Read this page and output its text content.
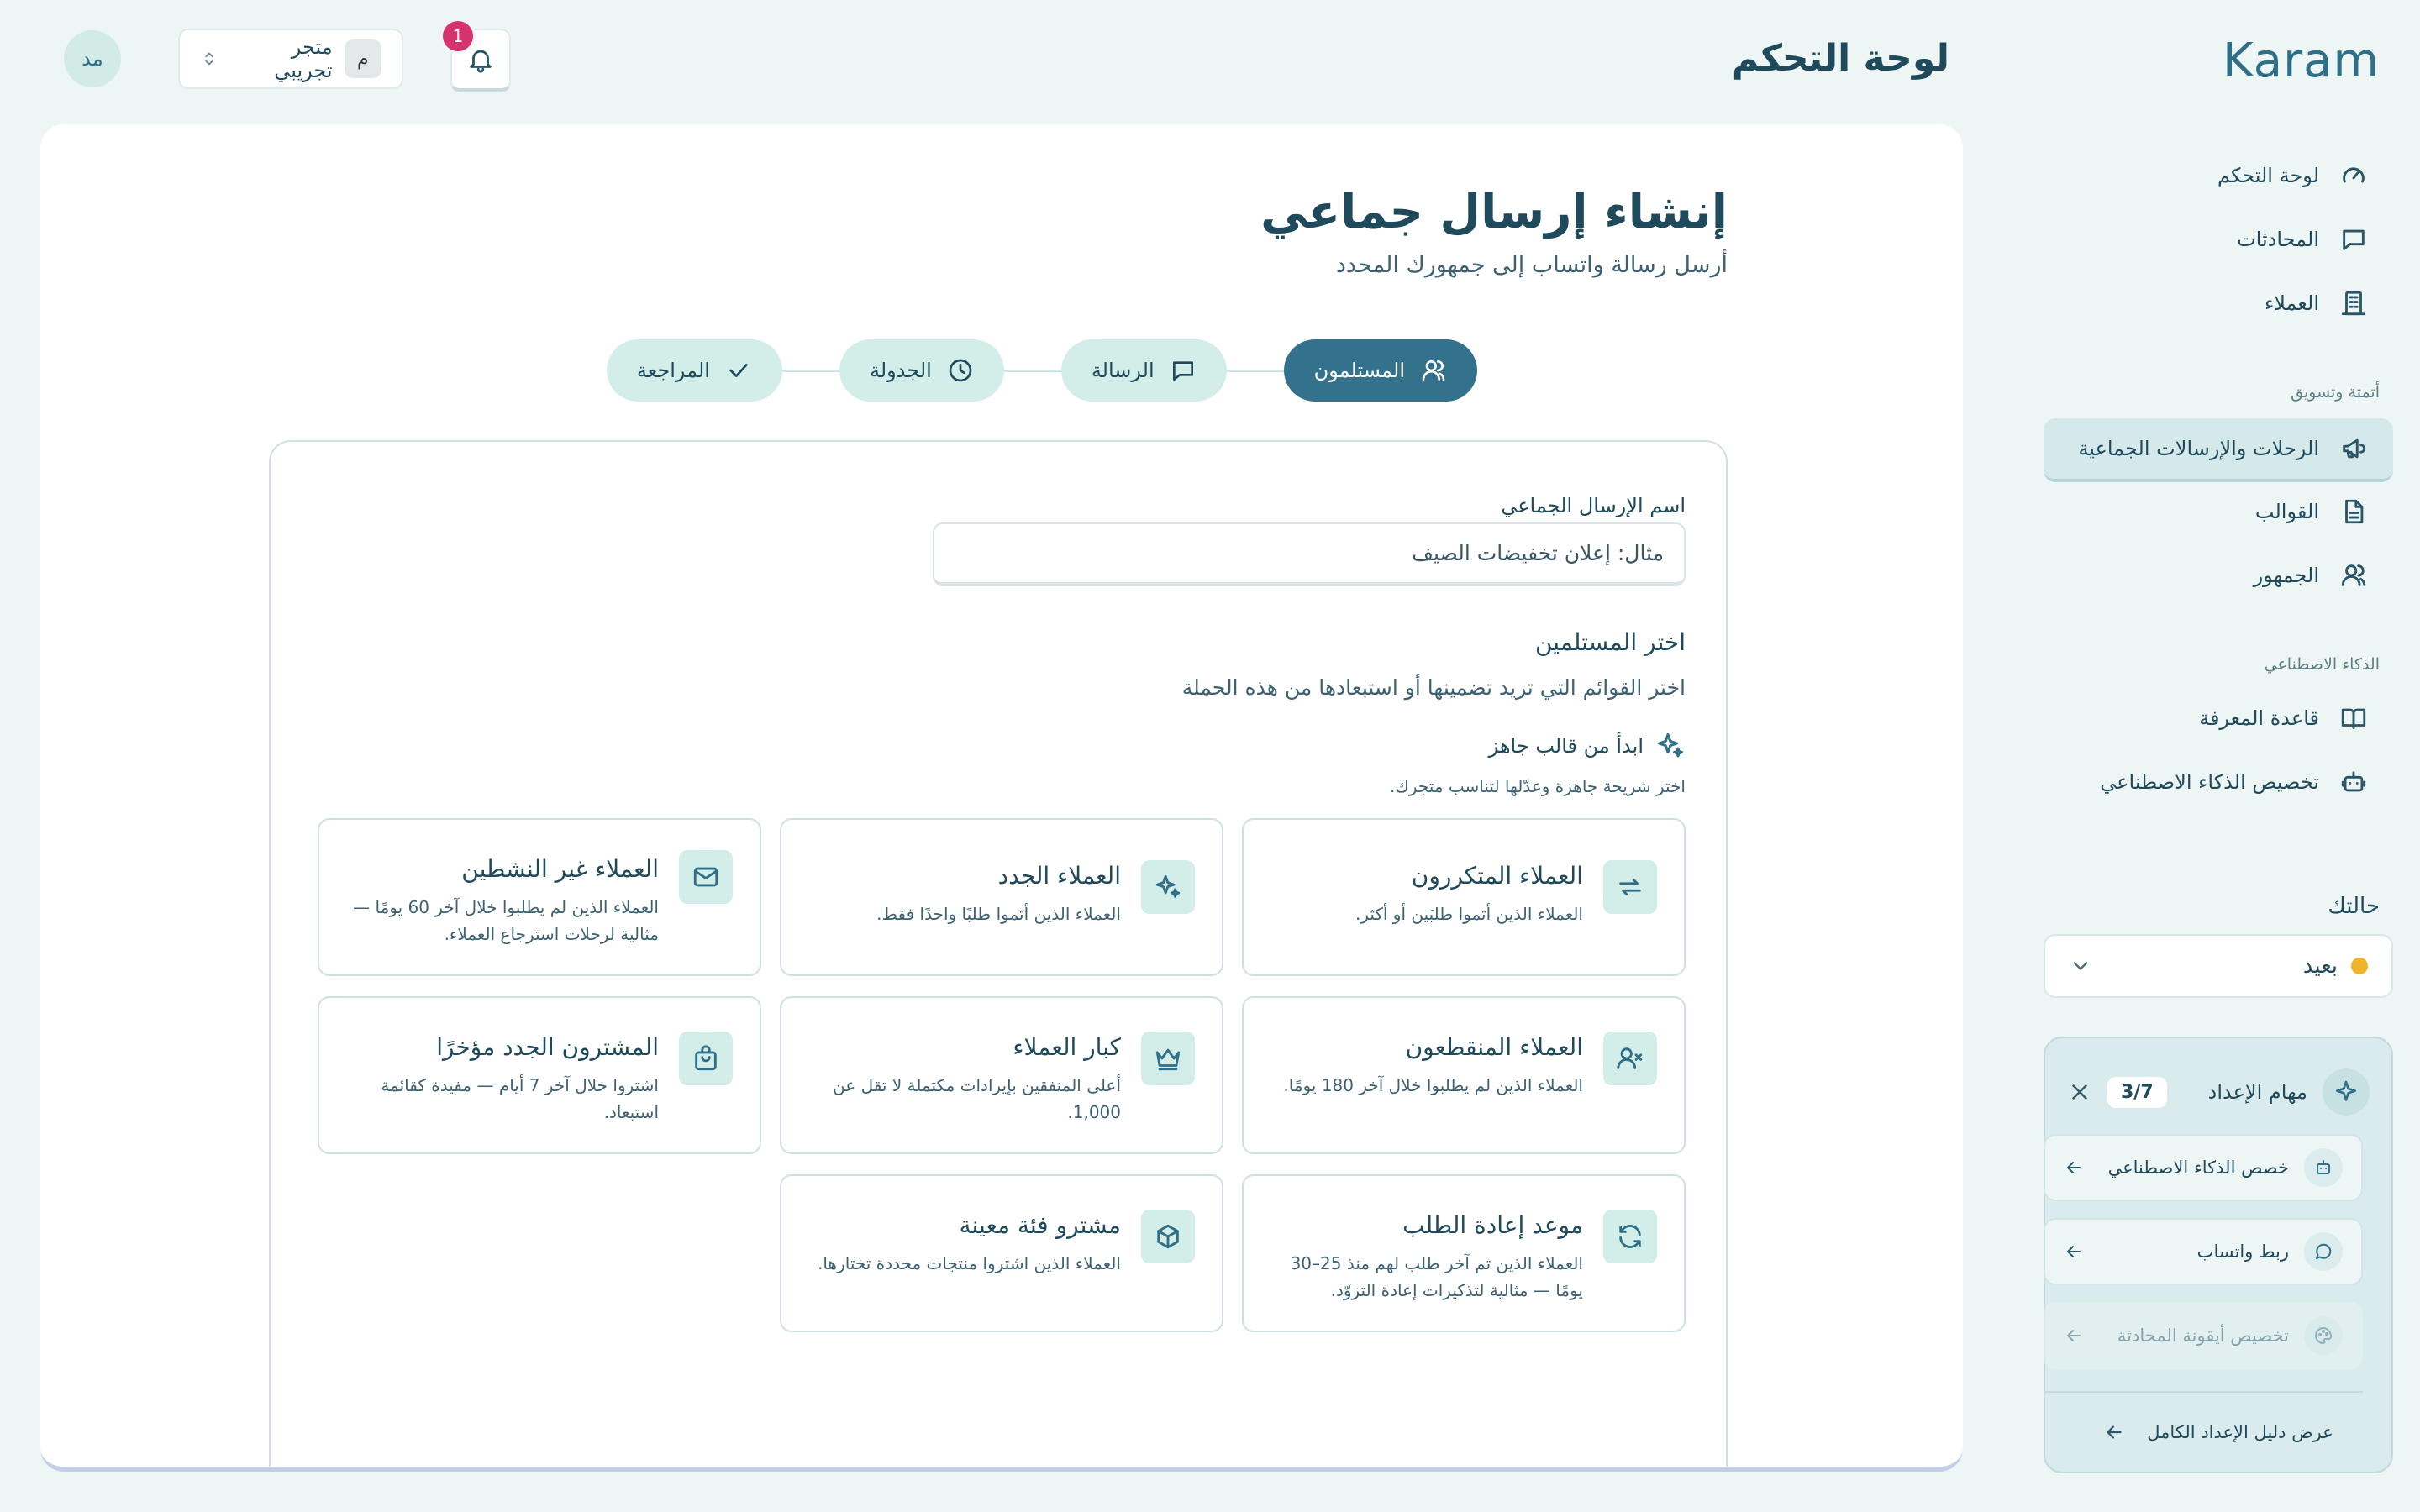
Karam
لوحة التحكم
المحادثات
العملاء
أتمتة وتسويق
الرحلات والإرسالات الجماعية
القوالب
الجمهور
الذكاء الاصطناعي
قاعدة المعرفة
تخصيص الذكاء الاصطناعي
حالتك
بعيد
مهام الإعداد
3/7
خصص الذكاء الاصطناعي
ربط واتساب
تخصيص أيقونة المحادثة
عرض دليل الإعداد الكامل
لوحة التحكم
1
م
متجر تجريبي
مد
إنشاء إرسال جماعي
أرسل رسالة واتساب إلى جمهورك المحدد
المستلمون
الرسالة
الجدولة
المراجعة
اسم الإرسال الجماعي
مثال: إعلان تخفيضات الصيف
اختر المستلمين
اختر القوائم التي تريد تضمينها أو استبعادها من هذه الحملة
ابدأ من قالب جاهز
اختر شريحة جاهزة وعدّلها لتناسب متجرك.
العملاء المتكررون
العملاء الذين أتموا طلبَين أو أكثر.
العملاء الجدد
العملاء الذين أتموا طلبًا واحدًا فقط.
العملاء غير النشطين
العملاء الذين لم يطلبوا خلال آخر 60 يومًا — مثالية لرحلات استرجاع العملاء.
العملاء المنقطعون
العملاء الذين لم يطلبوا خلال آخر 180 يومًا.
كبار العملاء
أعلى المنفقين بإيرادات مكتملة لا تقل عن 1,000.
المشترون الجدد مؤخرًا
اشتروا خلال آخر 7 أيام — مفيدة كقائمة استبعاد.
موعد إعادة الطلب
العملاء الذين تم آخر طلب لهم منذ 25–30 يومًا — مثالية لتذكيرات إعادة التزوّد.
مشترو فئة معينة
العملاء الذين اشتروا منتجات محددة تختارها.
